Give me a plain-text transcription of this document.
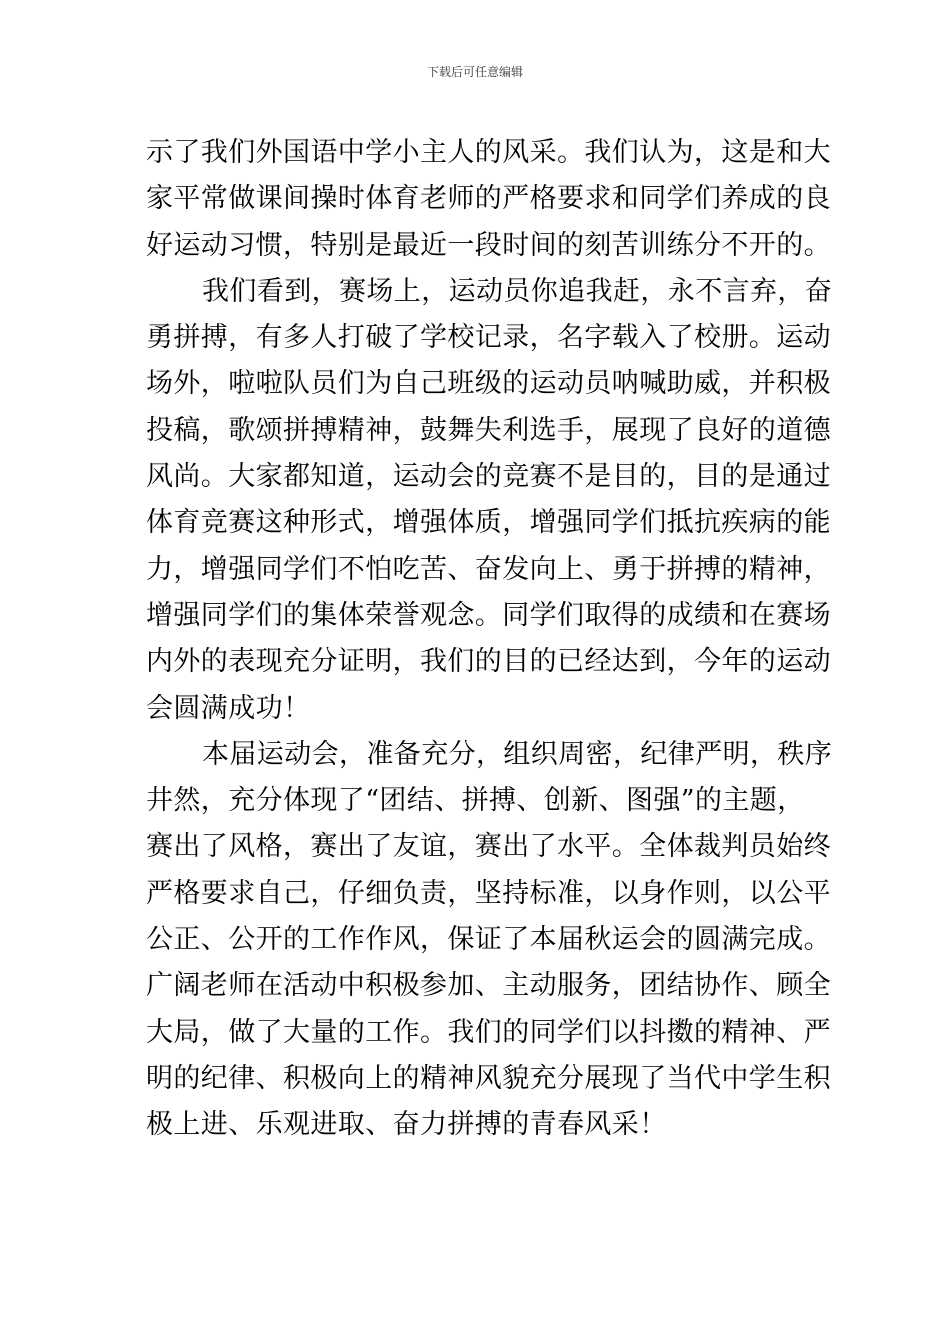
下载后可任意编辑
示了我们外国语中学小主人的风采。我们认为，这是和大
家平常做课间操时体育老师的严格要求和同学们养成的良
好运动习惯，特别是最近一段时间的刻苦训练分不开的。
我们看到，赛场上，运动员你追我赶，永不言弃，奋
勇拼搏，有多人打破了学校记录，名字载入了校册。运动
场外，啦啦队员们为自己班级的运动员呐喊助威，并积极
投稿，歌颂拼搏精神，鼓舞失利选手，展现了良好的道德
风尚。大家都知道，运动会的竞赛不是目的，目的是通过
体育竞赛这种形式，增强体质，增强同学们抵抗疾病的能
力，增强同学们不怕吃苦、奋发向上、勇于拼搏的精神，
增强同学们的集体荣誉观念。同学们取得的成绩和在赛场
内外的表现充分证明，我们的目的已经达到，今年的运动
会圆满成功！
本届运动会，准备充分，组织周密，纪律严明，秩序
井然，充分体现了“团结、拼搏、创新、图强”的主题，
赛出了风格，赛出了友谊，赛出了水平。全体裁判员始终
严格要求自己，仔细负责，坚持标准，以身作则，以公平
公正、公开的工作作风，保证了本届秋运会的圆满完成。
广阔老师在活动中积极参加、主动服务，团结协作、顾全
大局，做了大量的工作。我们的同学们以抖擞的精神、严
明的纪律、积极向上的精神风貌充分展现了当代中学生积
极上进、乐观进取、奋力拼搏的青春风采！
